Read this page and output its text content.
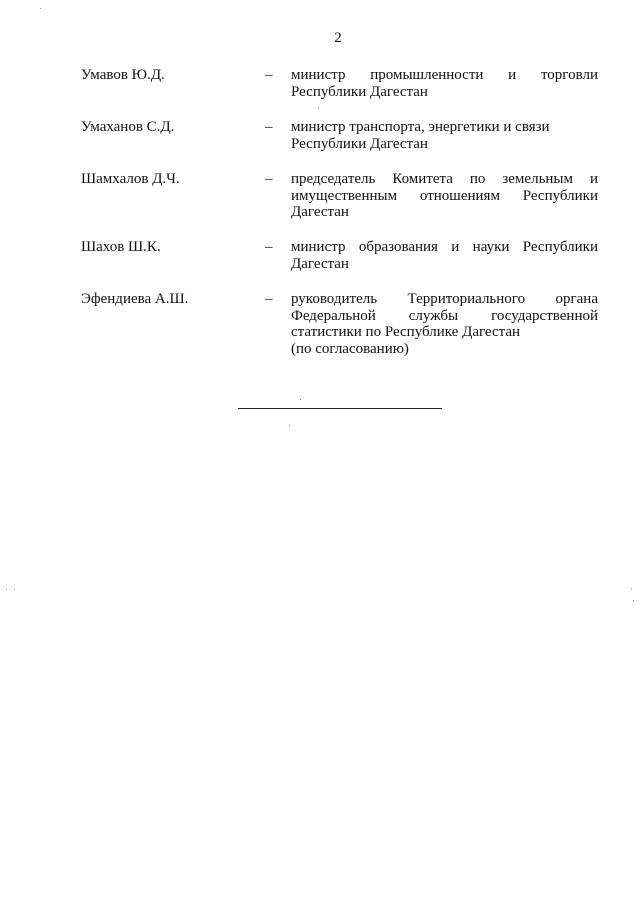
2
Умавов Ю.Д.	– министр промышленности и торговли
Республики Дагестан
Умаханов С.Д.	– министр транспорта, энергетики и связи
Республики Дагестан
Шамхалов Д.Ч.	– председатель Комитета по земельным и
имущественным отношениям Республики
Дагестан
Шахов Ш.К.	– министр образования и науки Республики
Дагестан
Эфендиева А.Ш.	– руководитель Территориального органа
Федеральной службы государственной
статистики по Республике Дагестан
(по согласованию)
